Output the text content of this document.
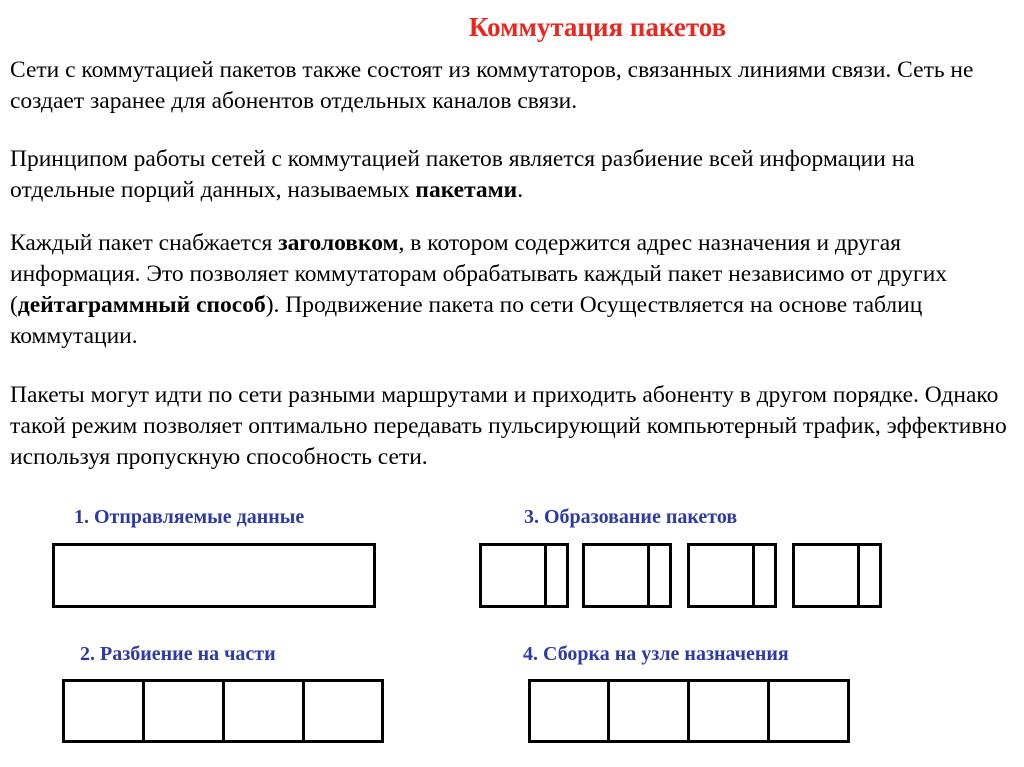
Коммутация пакетов

Сети с коммутацией пакетов также состоят из коммутаторов, связанных линиями связи. Сеть не создает заранее для абонентов отдельных каналов связи.

Принципом работы сетей с коммутацией пакетов является разбиение всей информации на отдельные порций данных, называемых пакетами.

Каждый пакет снабжается заголовком, в котором содержится адрес назначения и другая информация. Это позволяет коммутаторам обрабатывать каждый пакет независимо от других (дейтаграммный способ). Продвижение пакета по сети Осуществляется на основе таблиц коммутации.

Пакеты могут идти по сети разными маршрутами и приходить абоненту в другом порядке. Однако такой режим позволяет оптимально передавать пульсирующий компьютерный трафик, эффективно используя пропускную способность сети.

1. Отправляемые данные
2. Разбиение на части
3. Образование пакетов
4. Сборка на узле назначения
